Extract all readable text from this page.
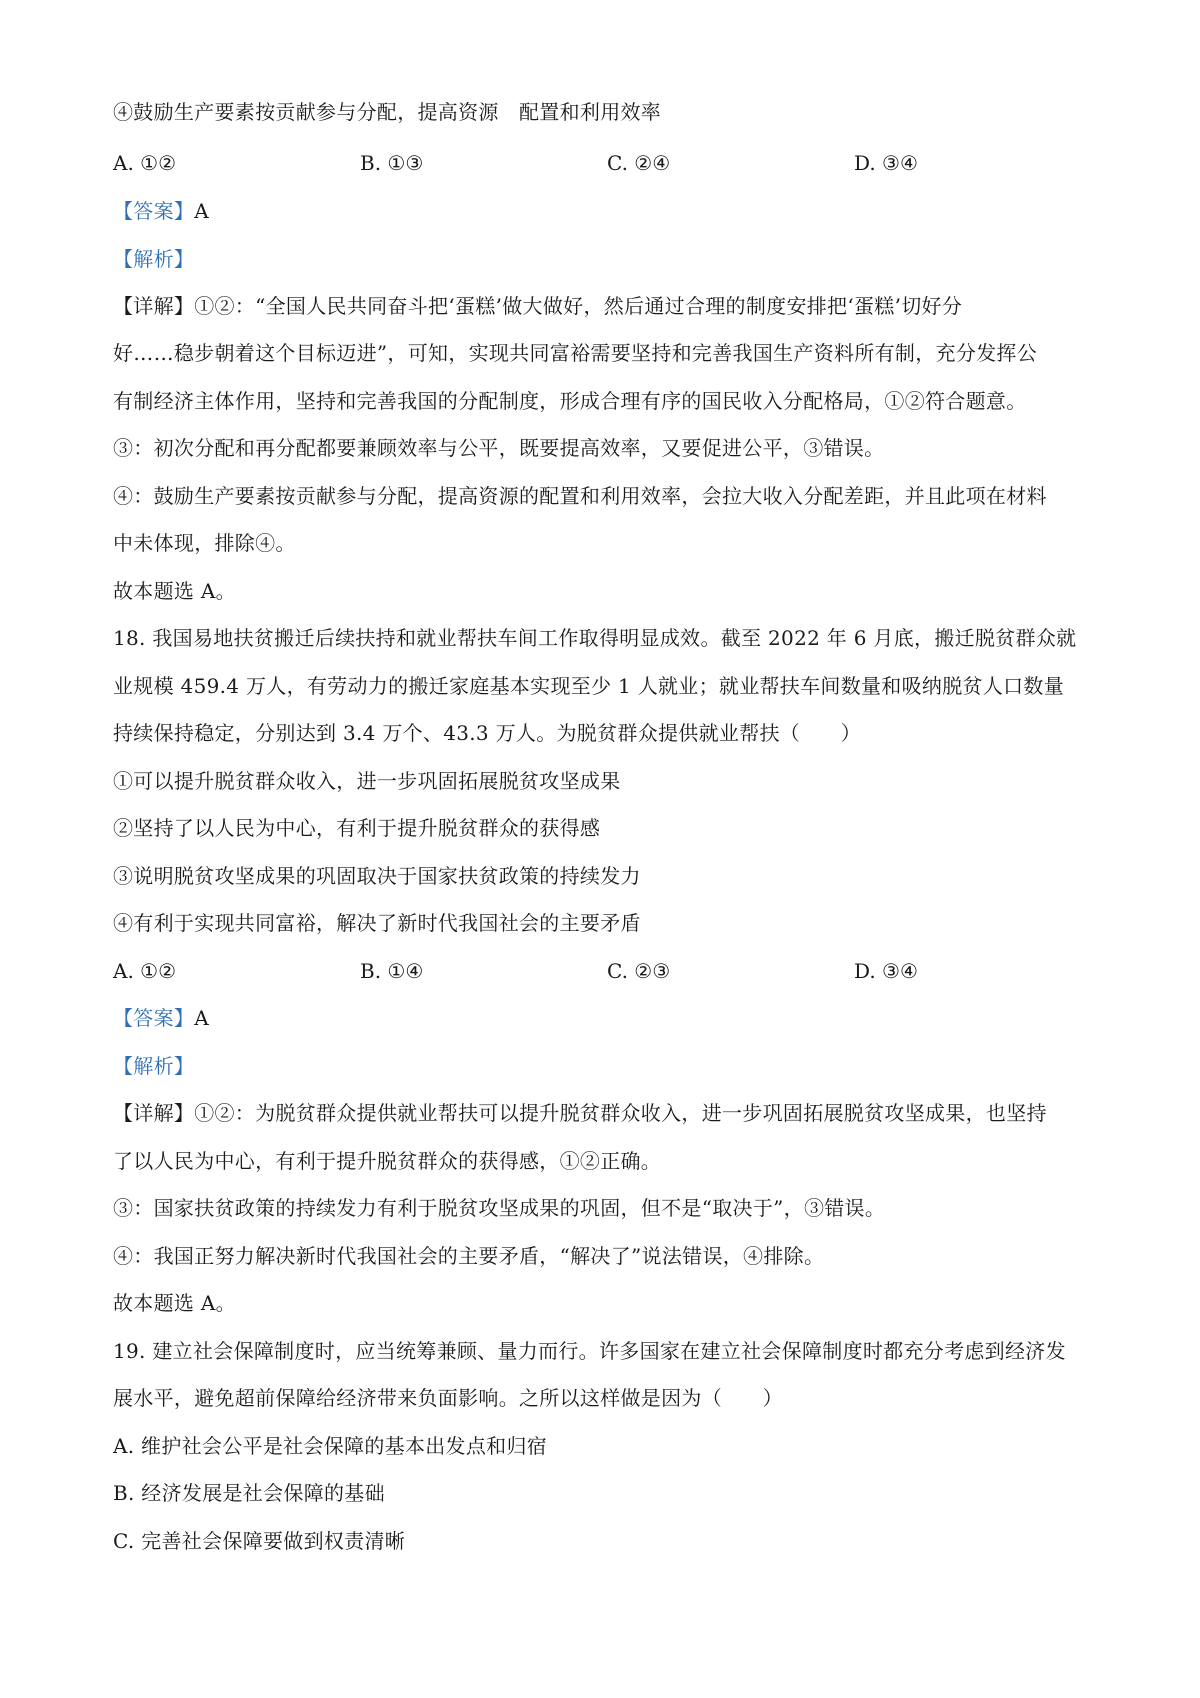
④鼓励生产要素按贡献参与分配，提高资源　配置和利用效率
A. ①②	B. ①③	C. ②④	D. ③④
【答案】A
【解析】
【详解】①②：“全国人民共同奋斗把‘蛋糕’做大做好，然后通过合理的制度安排把‘蛋糕’切好分
好……稳步朝着这个目标迈进”，可知，实现共同富裕需要坚持和完善我国生产资料所有制，充分发挥公
有制经济主体作用，坚持和完善我国的分配制度，形成合理有序的国民收入分配格局，①②符合题意。
③：初次分配和再分配都要兼顾效率与公平，既要提高效率，又要促进公平，③错误。
④：鼓励生产要素按贡献参与分配，提高资源的配置和利用效率，会拉大收入分配差距，并且此项在材料
中未体现，排除④。
故本题选 A。
18. 我国易地扶贫搬迁后续扶持和就业帮扶车间工作取得明显成效。截至 2022 年 6 月底，搬迁脱贫群众就
业规模 459.4 万人，有劳动力的搬迁家庭基本实现至少 1 人就业；就业帮扶车间数量和吸纳脱贫人口数量
持续保持稳定，分别达到 3.4 万个、43.3 万人。为脱贫群众提供就业帮扶（　　）
①可以提升脱贫群众收入，进一步巩固拓展脱贫攻坚成果
②坚持了以人民为中心，有利于提升脱贫群众的获得感
③说明脱贫攻坚成果的巩固取决于国家扶贫政策的持续发力
④有利于实现共同富裕，解决了新时代我国社会的主要矛盾
A. ①②	B. ①④	C. ②③	D. ③④
【答案】A
【解析】
【详解】①②：为脱贫群众提供就业帮扶可以提升脱贫群众收入，进一步巩固拓展脱贫攻坚成果，也坚持
了以人民为中心，有利于提升脱贫群众的获得感，①②正确。
③：国家扶贫政策的持续发力有利于脱贫攻坚成果的巩固，但不是“取决于”，③错误。
④：我国正努力解决新时代我国社会的主要矛盾，“解决了”说法错误，④排除。
故本题选 A。
19. 建立社会保障制度时，应当统筹兼顾、量力而行。许多国家在建立社会保障制度时都充分考虑到经济发
展水平，避免超前保障给经济带来负面影响。之所以这样做是因为（　　）
A. 维护社会公平是社会保障的基本出发点和归宿
B. 经济发展是社会保障的基础
C. 完善社会保障要做到权责清晰
